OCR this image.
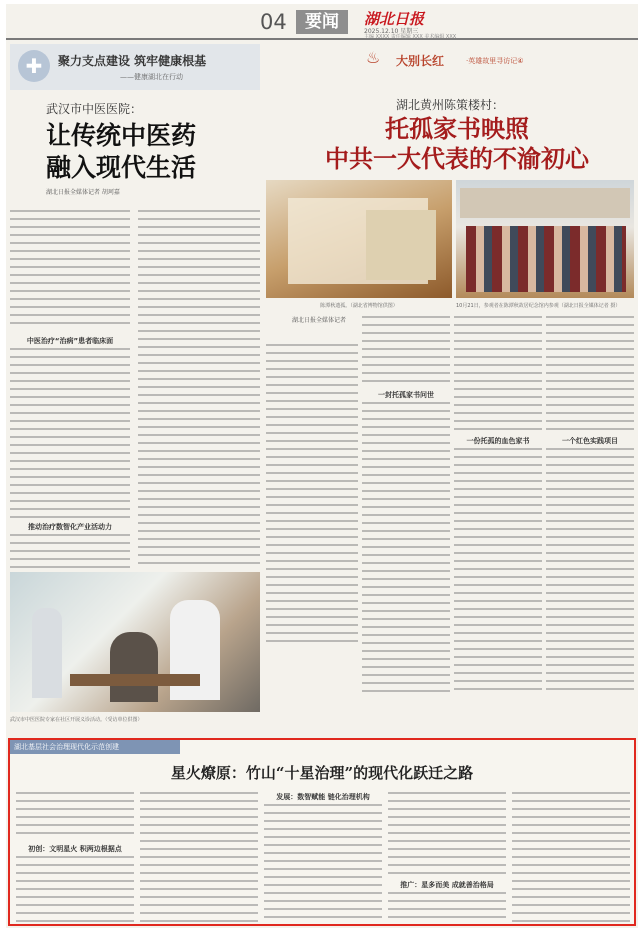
04	要闻	湖北日报
2025.12.10 星期三
主编 XXXX 责任编辑 XXX 美术编辑 XXX
✚	聚力支点建设 筑牢健康根基
——健康湖北在行动
武汉市中医医院：
让传统中医药
融入现代生活
湖北日报全媒体记者 胡珂嘉
中医治疗“治病”患者临床面
推动治疗数智化产业活动力
武汉市中医医院专家在社区开展义诊活动。（受访单位供图）
♨	大别长红	·英雄故里寻访记④
湖北黄州陈策楼村：
托孤家书映照
中共一大代表的不渝初心
陈潭秋遗孤。（湖北省博物馆供图）	10月21日，参观者在陈潭秋故居纪念馆内参观（湖北日报全媒体记者 摄）
湖北日报全媒体记者
一封托孤家书问世
一份托孤的血色家书	一个红色实践项目
湖北基层社会治理现代化示范创建
星火燎原：竹山“十星治理”的现代化跃迁之路
初创：文明星火 积两边根据点
发展：数智赋能 链化治理机构
推广：星多而美 成就善治格局
